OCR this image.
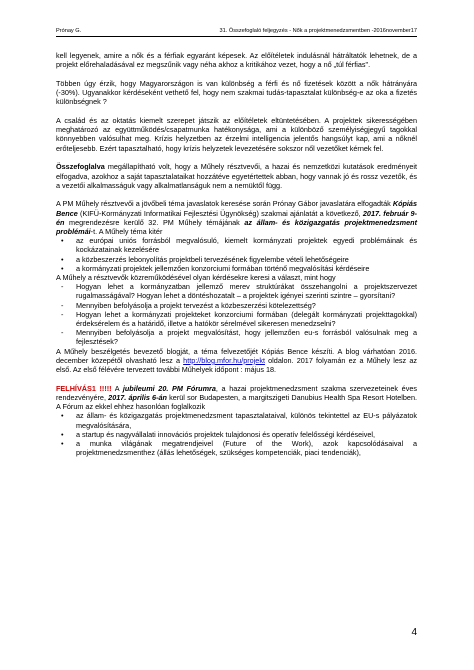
Prónay G.	31. Összefoglaló feljegyzés - Nők a projektmenedzsmentben -2016november17

kell legyenek, amire a nők és a férfiak egyaránt képesek. Az előítéletek indulásnál hátráltatók lehetnek, de a projekt előrehaladásával ez megszűnik vagy néha akhoz a kritikához vezet, hogy a nő „túl férfias".

Többen úgy érzik, hogy Magyarországon is van különbség a férfi és nő fizetések között a nők hátrányára (-30%). Ugyanakkor kérdéseként vethető fel, hogy nem szakmai tudás-tapasztalat különbség-e az oka a fizetés különbségnek ?

A család és az oktatás kiemelt szerepet játszik az előítéletek eltüntetésében. A projektek sikerességében meghatározó az együttműködés/csapatmunka hatékonysága, ami a különböző személyiségjegyű tagokkal könnyebben valósulhat meg. Krízis helyzetben az érzelmi intelligencia jelentős hangsúlyt kap, ami a nőknél erőteljesebb. Ezért tapasztalható, hogy krízis helyzetek levezetésére sokszor nől vezetőket kérnek fel.

Összefoglalva megállapítható volt, hogy a Műhely résztvevői, a hazai és nemzetközi kutatások eredményeit elfogadva, azokhoz a saját tapasztalataikat hozzátéve egyetértettek abban, hogy vannak jó és rossz vezetők, és a vezetői alkalmasságuk vagy alkalmatlanságuk nem a nemüktől függ.

A PM Műhely résztvevői a jövőbeli téma javaslatok keresése során Prónay Gábor javaslatára elfogadták Kópiás Bence (KIFÜ-Kormányzati Informatikai Fejlesztési Ügynökség) szakmai ajánlatát a következő, 2017. február 9-én megrendezésre kerülő 32. PM Műhely témájának az állam- és közigazgatás projektmenedzsment problémái-t. A Műhely téma kitér

• az európai uniós forrásból megvalósuló, kiemelt kormányzati projektek egyedi problémáinak és kockázatainak kezelésére
• a közbeszerzés lebonyolítás projektbeli tervezésének figyelembe vételi lehetőségeire
• a kormányzati projektek jellemzően konzorciumi formában történő megvalósítási kérdéseire

A Műhely a résztvevők közreműködésével olyan kérdésekre keresi a választ, mint hogy

- Hogyan lehet a kormányzatban jellemző merev struktúrákat összehangolni a projektszervezet rugalmasságával? Hogyan lehet a döntéshozatalt – a projektek igényei szerinti szintre – gyorsítani?
- Mennyiben befolyásolja a projekt tervezést a közbeszerzési kötelezettség?
- Hogyan lehet a kormányzati projekteket konzorciumi formában (delegált kormányzati projekttagokkal) érdeksérelem és a határidő, illetve a hatókör sérelmével sikeresen menedzselni?
- Mennyiben befolyásolja a projekt megvalósítást, hogy jellemzően eu-s forrásból valósulnak meg a fejlesztések?

A Műhely beszélgetés bevezető blogját, a téma felvezetőjét Kópiás Bence készíti. A blog várhatóan 2016. december közepétől olvasható lesz a http://blog.mfor.hu/projekt oldalon. 2017 folyamán ez a Műhely lesz az első. Az első félévére tervezett további Műhelyek időpont : május 18.

FELHÍVÁS1 !!!!! A jubileumi 20. PM Fórumra, a hazai projektmenedzsment szakma szervezeteinek éves rendezvényére, 2017. április 6-án kerül sor Budapesten, a margitszigeti Danubius Health Spa Resort Hotelben. A Fórum az ekkel ehhez hasonlóan foglalkozik

• az állam- és közigazgatás projektmenedzsment tapasztalataival, különös tekintettel az EU-s pályázatok megvalósítására,
• a startup és nagyvállalati innovációs projektek tulajdonosi és operatív felelősségi kérdéseivel,
• a munka világának megatrendjeivel (Future of the Work), azok kapcsolódásaival a projektmenedzsmenthez (állás lehetőségek, szükséges kompetenciák, piaci tendenciák),
4
